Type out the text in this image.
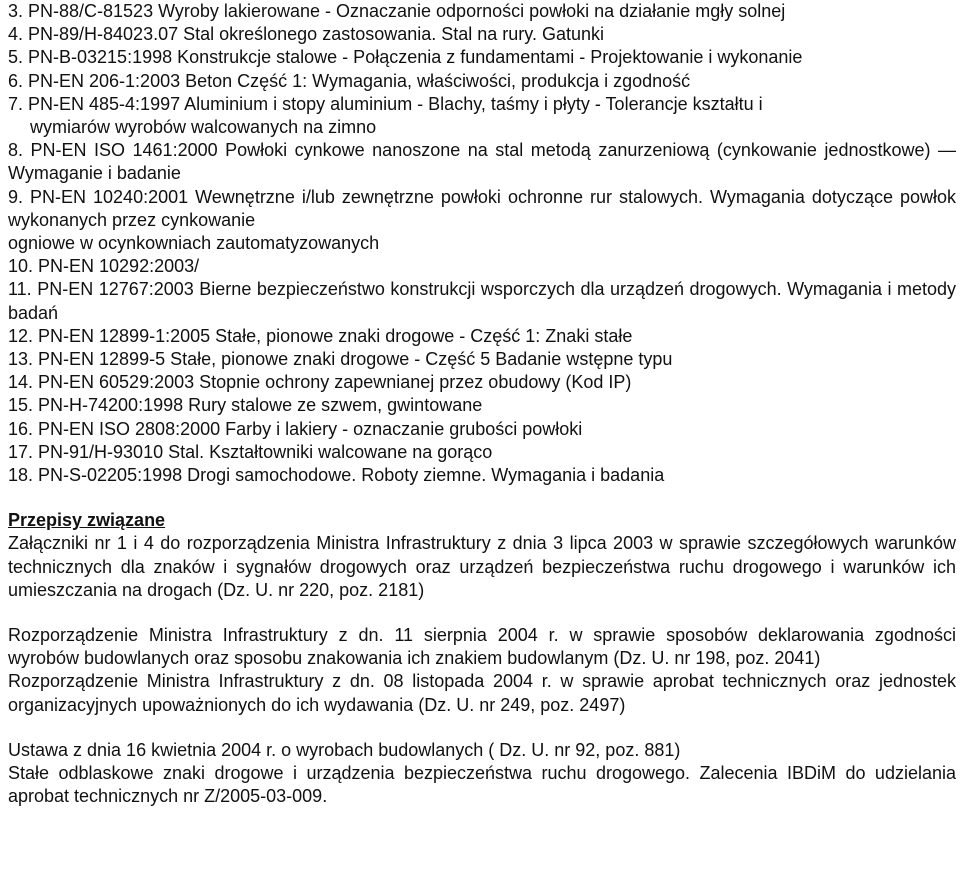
3. PN-88/C-81523 Wyroby lakierowane - Oznaczanie odporności powłoki na działanie mgły solnej

4. PN-89/H-84023.07 Stal określonego zastosowania. Stal na rury. Gatunki

5. PN-B-03215:1998 Konstrukcje stalowe - Połączenia z fundamentami - Projektowanie i wykonanie

6. PN-EN 206-1:2003 Beton Część 1: Wymagania, właściwości, produkcja i zgodność

7. PN-EN 485-4:1997 Aluminium i stopy aluminium - Blachy, taśmy i płyty - Tolerancje kształtu i

wymiarów wyrobów walcowanych na zimno

8. PN-EN ISO 1461:2000 Powłoki cynkowe nanoszone na stal metodą zanurzeniową (cynkowanie jednostkowe) — Wymaganie i badanie

9. PN-EN 10240:2001 Wewnętrzne i/lub zewnętrzne powłoki ochronne rur stalowych. Wymagania dotyczące powłok wykonanych przez cynkowanie

ogniowe w ocynkowniach zautomatyzowanych

10. PN-EN 10292:2003/

11. PN-EN 12767:2003 Bierne bezpieczeństwo konstrukcji wsporczych dla urządzeń drogowych. Wymagania i metody badań

12. PN-EN 12899-1:2005 Stałe, pionowe znaki drogowe - Część 1: Znaki stałe

13. PN-EN 12899-5 Stałe, pionowe znaki drogowe - Część 5 Badanie wstępne typu

14. PN-EN 60529:2003 Stopnie ochrony zapewnianej przez obudowy (Kod IP)

15. PN-H-74200:1998 Rury stalowe ze szwem, gwintowane

16. PN-EN ISO 2808:2000 Farby i lakiery - oznaczanie grubości powłoki

17. PN-91/H-93010 Stal. Kształtowniki walcowane na gorąco

18. PN-S-02205:1998 Drogi samochodowe. Roboty ziemne. Wymagania i badania

Przepisy związane

Załączniki nr 1 i 4 do rozporządzenia Ministra Infrastruktury z dnia 3 lipca 2003 w sprawie szczegółowych warunków technicznych dla znaków i sygnałów drogowych oraz urządzeń bezpieczeństwa ruchu drogowego i warunków ich umieszczania na drogach (Dz. U. nr 220, poz. 2181)

Rozporządzenie Ministra Infrastruktury z dn. 11 sierpnia 2004 r. w sprawie sposobów deklarowania zgodności wyrobów budowlanych oraz sposobu znakowania ich znakiem budowlanym (Dz. U. nr 198, poz. 2041)

Rozporządzenie Ministra Infrastruktury z dn. 08 listopada 2004 r. w sprawie aprobat technicznych oraz jednostek organizacyjnych upoważnionych do ich wydawania (Dz. U. nr 249, poz. 2497)

Ustawa z dnia 16 kwietnia 2004 r. o wyrobach budowlanych ( Dz. U. nr 92, poz. 881)

Stałe odblaskowe znaki drogowe i urządzenia bezpieczeństwa ruchu drogowego. Zalecenia IBDiM do udzielania aprobat technicznych nr Z/2005-03-009.
